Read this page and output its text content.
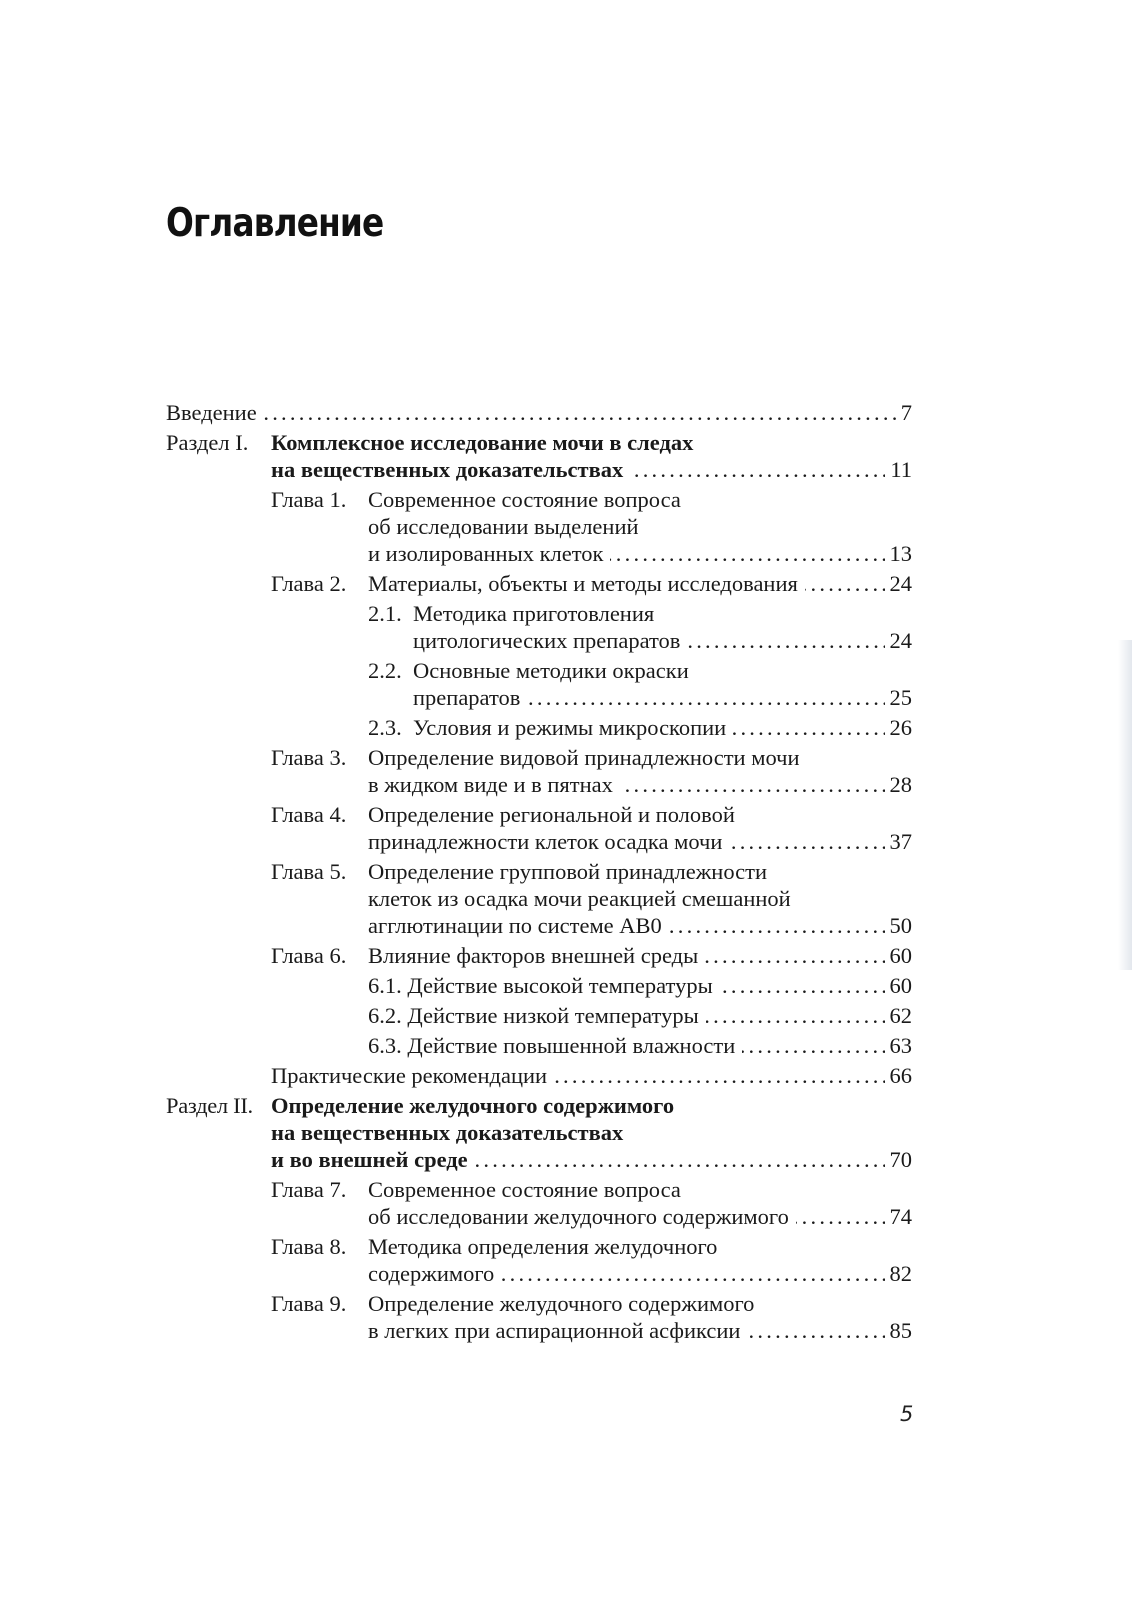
Оглавление
. . . Введение	7
Раздел I. Комплексное исследование мочи в следах
. . . на вещественных доказательствах	11
Глава 1. Современное состояние вопроса
об исследовании выделений
. . . и изолированных клеток	13
Глава 2. . . . Материалы, объекты и методы исследования	24
2.1. Методика приготовления
. . . цитологических препаратов	24
2.2. Основные методики окраски
. . . препаратов	25
2.3. . . . Условия и режимы микроскопии	26
Глава 3. Определение видовой принадлежности мочи
. . . в жидком виде и в пятнах	28
Глава 4. Определение региональной и половой
. . . принадлежности клеток осадка мочи	37
Глава 5. Определение групповой принадлежности
клеток из осадка мочи реакцией смешанной
. . . агглютинации по системе АВ0	50
Глава 6. . . . Влияние факторов внешней среды	60
. . . 6.1. Действие высокой температуры	60
. . . 6.2. Действие низкой температуры	62
. . . 6.3. Действие повышенной влажности	63
. . . Практические рекомендации	66
Раздел II. Определение желудочного содержимого
на вещественных доказательствах
. . . и во внешней среде	70
Глава 7. Современное состояние вопроса
. . . об исследовании желудочного содержимого	74
Глава 8. Методика определения желудочного
. . . содержимого	82
Глава 9. Определение желудочного содержимого
. . . в легких при аспирационной асфиксии	85
5
